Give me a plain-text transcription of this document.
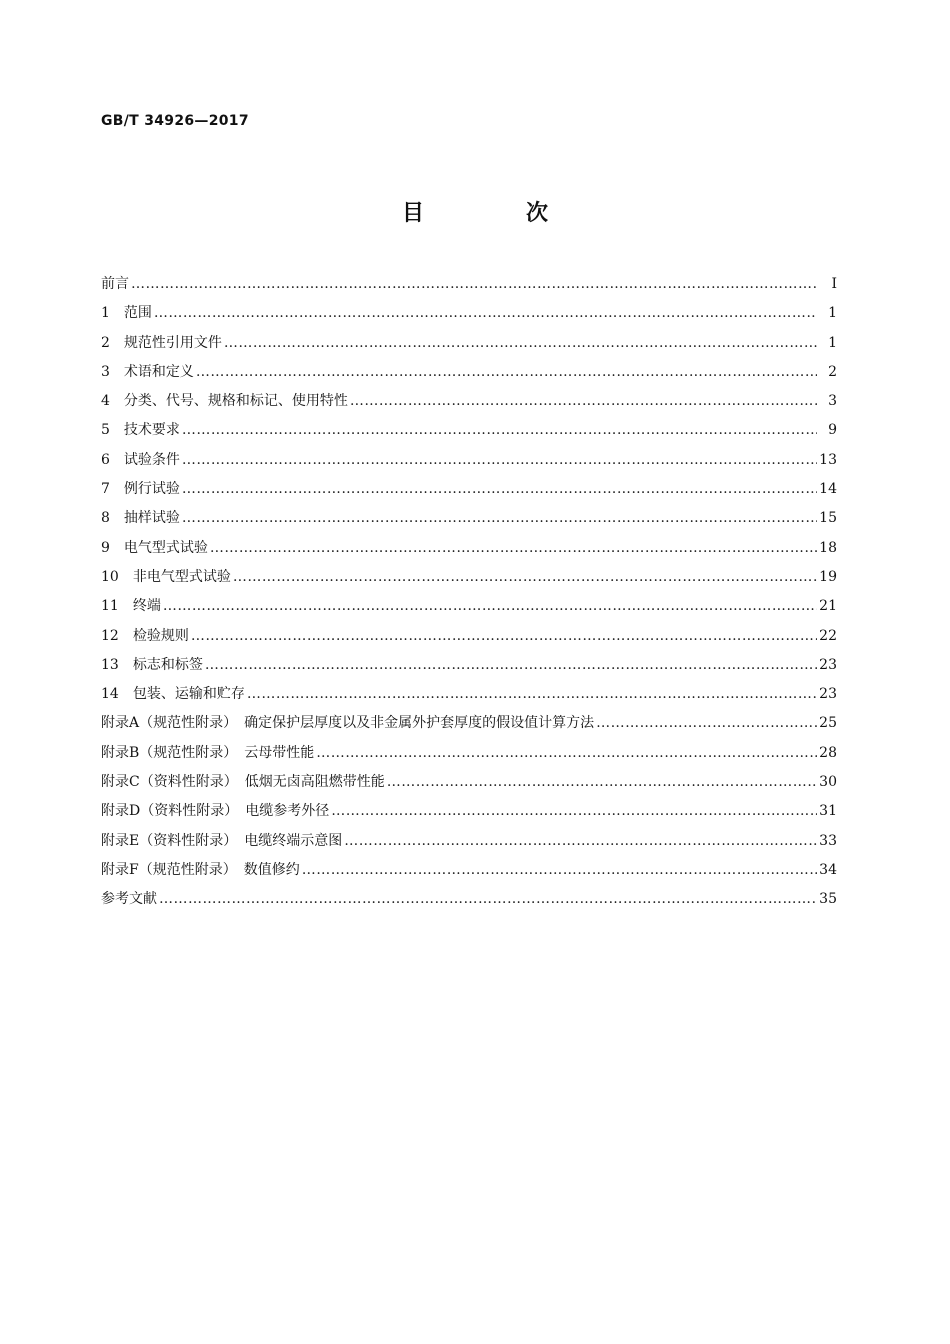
GB/T 34926—2017
目　次
前言 ……………………………………………………………………………………………………………………………………………………………………………………………………………	Ⅰ
1　范围 ……………………………………………………………………………………………………………………………………………………………………………………………………………	1
2　规范性引用文件 ……………………………………………………………………………………………………………………………………………………………………………………………………………	1
3　术语和定义 ……………………………………………………………………………………………………………………………………………………………………………………………………………	2
4　分类、代号、规格和标记、使用特性 ……………………………………………………………………………………………………………………………………………………………………………………………………………	3
5　技术要求 ……………………………………………………………………………………………………………………………………………………………………………………………………………	9
6　试验条件 ……………………………………………………………………………………………………………………………………………………………………………………………………………	13
7　例行试验 ……………………………………………………………………………………………………………………………………………………………………………………………………………	14
8　抽样试验 ……………………………………………………………………………………………………………………………………………………………………………………………………………	15
9　电气型式试验 ……………………………………………………………………………………………………………………………………………………………………………………………………………	18
10　非电气型式试验 ……………………………………………………………………………………………………………………………………………………………………………………………………………	19
11　终端 ……………………………………………………………………………………………………………………………………………………………………………………………………………	21
12　检验规则 ……………………………………………………………………………………………………………………………………………………………………………………………………………	22
13　标志和标签 ……………………………………………………………………………………………………………………………………………………………………………………………………………	23
14　包装、运输和贮存 ……………………………………………………………………………………………………………………………………………………………………………………………………………	23
附录A（规范性附录）　确定保护层厚度以及非金属外护套厚度的假设值计算方法 ……………………………………………………………………………………………………………………………………………………………………………………………………………	25
附录B（规范性附录）　云母带性能 ……………………………………………………………………………………………………………………………………………………………………………………………………………	28
附录C（资料性附录）　低烟无卤高阻燃带性能 ……………………………………………………………………………………………………………………………………………………………………………………………………………	30
附录D（资料性附录）　电缆参考外径 ……………………………………………………………………………………………………………………………………………………………………………………………………………	31
附录E（资料性附录）　电缆终端示意图 ……………………………………………………………………………………………………………………………………………………………………………………………………………	33
附录F（规范性附录）　数值修约 ……………………………………………………………………………………………………………………………………………………………………………………………………………	34
参考文献 ……………………………………………………………………………………………………………………………………………………………………………………………………………	35
